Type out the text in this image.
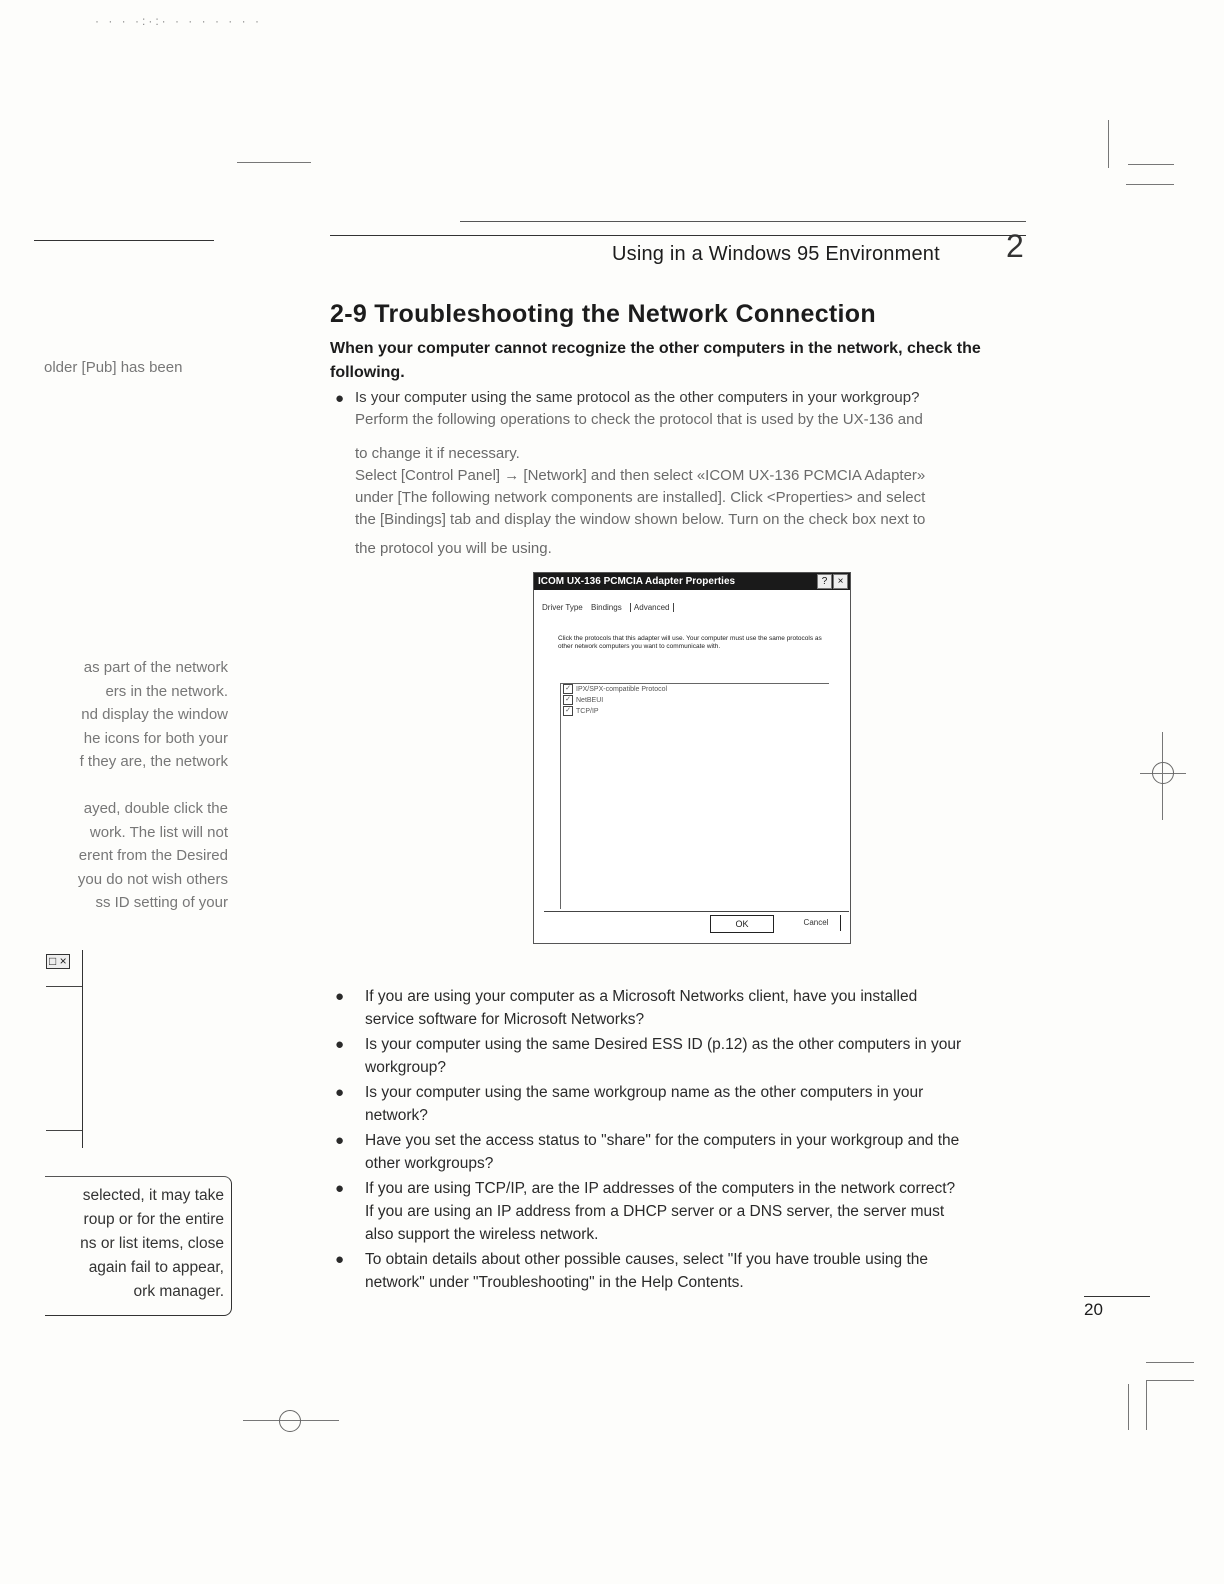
· · · ·:·:· · · · · · · ·
Using in a Windows 95 Environment 2
2-9 Troubleshooting the Network Connection
When your computer cannot recognize the other computers in the network, check the following.
● Is your computer using the same protocol as the other computers in your workgroup?
Perform the following operations to check the protocol that is used by the UX-136 and
to change it if necessary.
Select [Control Panel] → [Network] and then select «ICOM UX-136 PCMCIA Adapter»
under [The following network components are installed]. Click <Properties> and select
the [Bindings] tab and display the window shown below. Turn on the check box next to
the protocol you will be using.
ICOM UX-136 PCMCIA Adapter Properties	?	×
Driver Type Bindings Advanced
Click the protocols that this adapter will use. Your computer must use the same protocols as other network computers you want to communicate with.
✓ IPX/SPX-compatible Protocol
✓ NetBEUI
✓ TCP/IP
OK	Cancel
● If you are using your computer as a Microsoft Networks client, have you installed
service software for Microsoft Networks?
● Is your computer using the same Desired ESS ID (p.12) as the other computers in your
workgroup?
● Is your computer using the same workgroup name as the other computers in your
network?
● Have you set the access status to "share" for the computers in your workgroup and the
other workgroups?
● If you are using TCP/IP, are the IP addresses of the computers in the network correct?
If you are using an IP address from a DHCP server or a DNS server, the server must
also support the wireless network.
● To obtain details about other possible causes, select "If you have trouble using the
network" under "Troubleshooting" in the Help Contents.
older [Pub] has been
as part of the network
ers in the network.
nd display the window
he icons for both your
f they are, the network
ayed, double click the
work. The list will not
erent from the Desired
you do not wish others
ss ID setting of your
□ ×
selected, it may take
roup or for the entire
ns or list items, close
again fail to appear,
ork manager.
20
